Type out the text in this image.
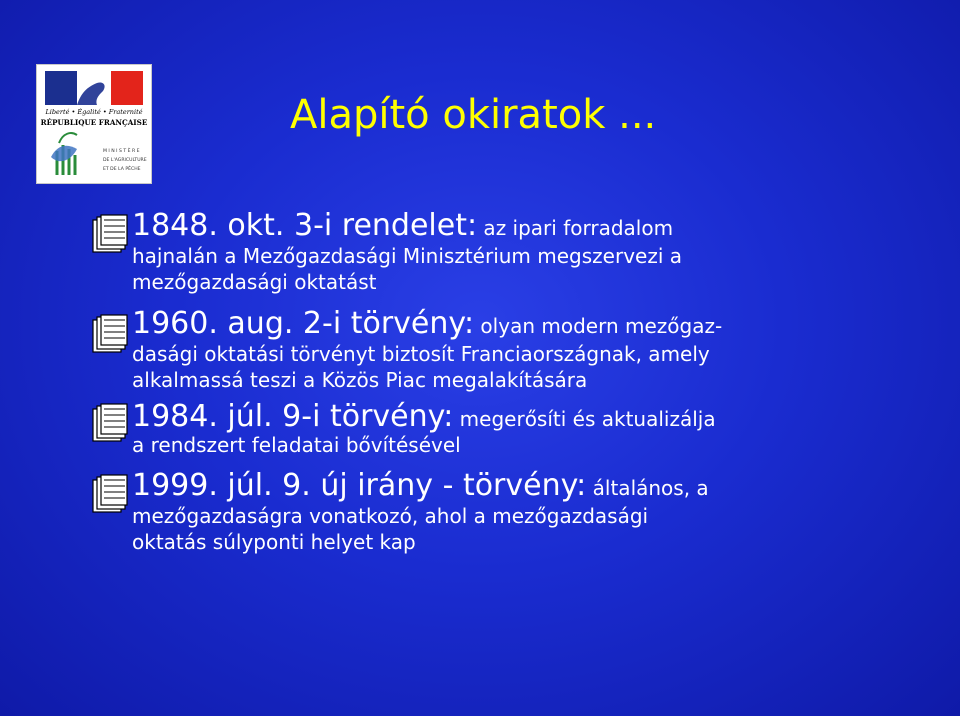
Liberté • Égalité • Fraternité
RÉPUBLIQUE FRANÇAISE
M I N I S T È R E
DE L'AGRICULTURE
ET DE LA PÊCHE
Alapító okiratok ...
1848. okt. 3-i rendelet: az ipari forradalom
hajnalán a Mezőgazdasági Minisztérium megszervezi a
mezőgazdasági oktatást
1960. aug. 2-i törvény: olyan modern mezőgaz-
dasági oktatási törvényt biztosít Franciaországnak, amely
alkalmassá teszi a Közös Piac megalakítására
1984. júl. 9-i törvény: megerősíti és aktualizálja
a rendszert feladatai bővítésével
1999. júl. 9. új irány - törvény: általános, a
mezőgazdaságra vonatkozó, ahol a mezőgazdasági
oktatás súlyponti helyet kap
